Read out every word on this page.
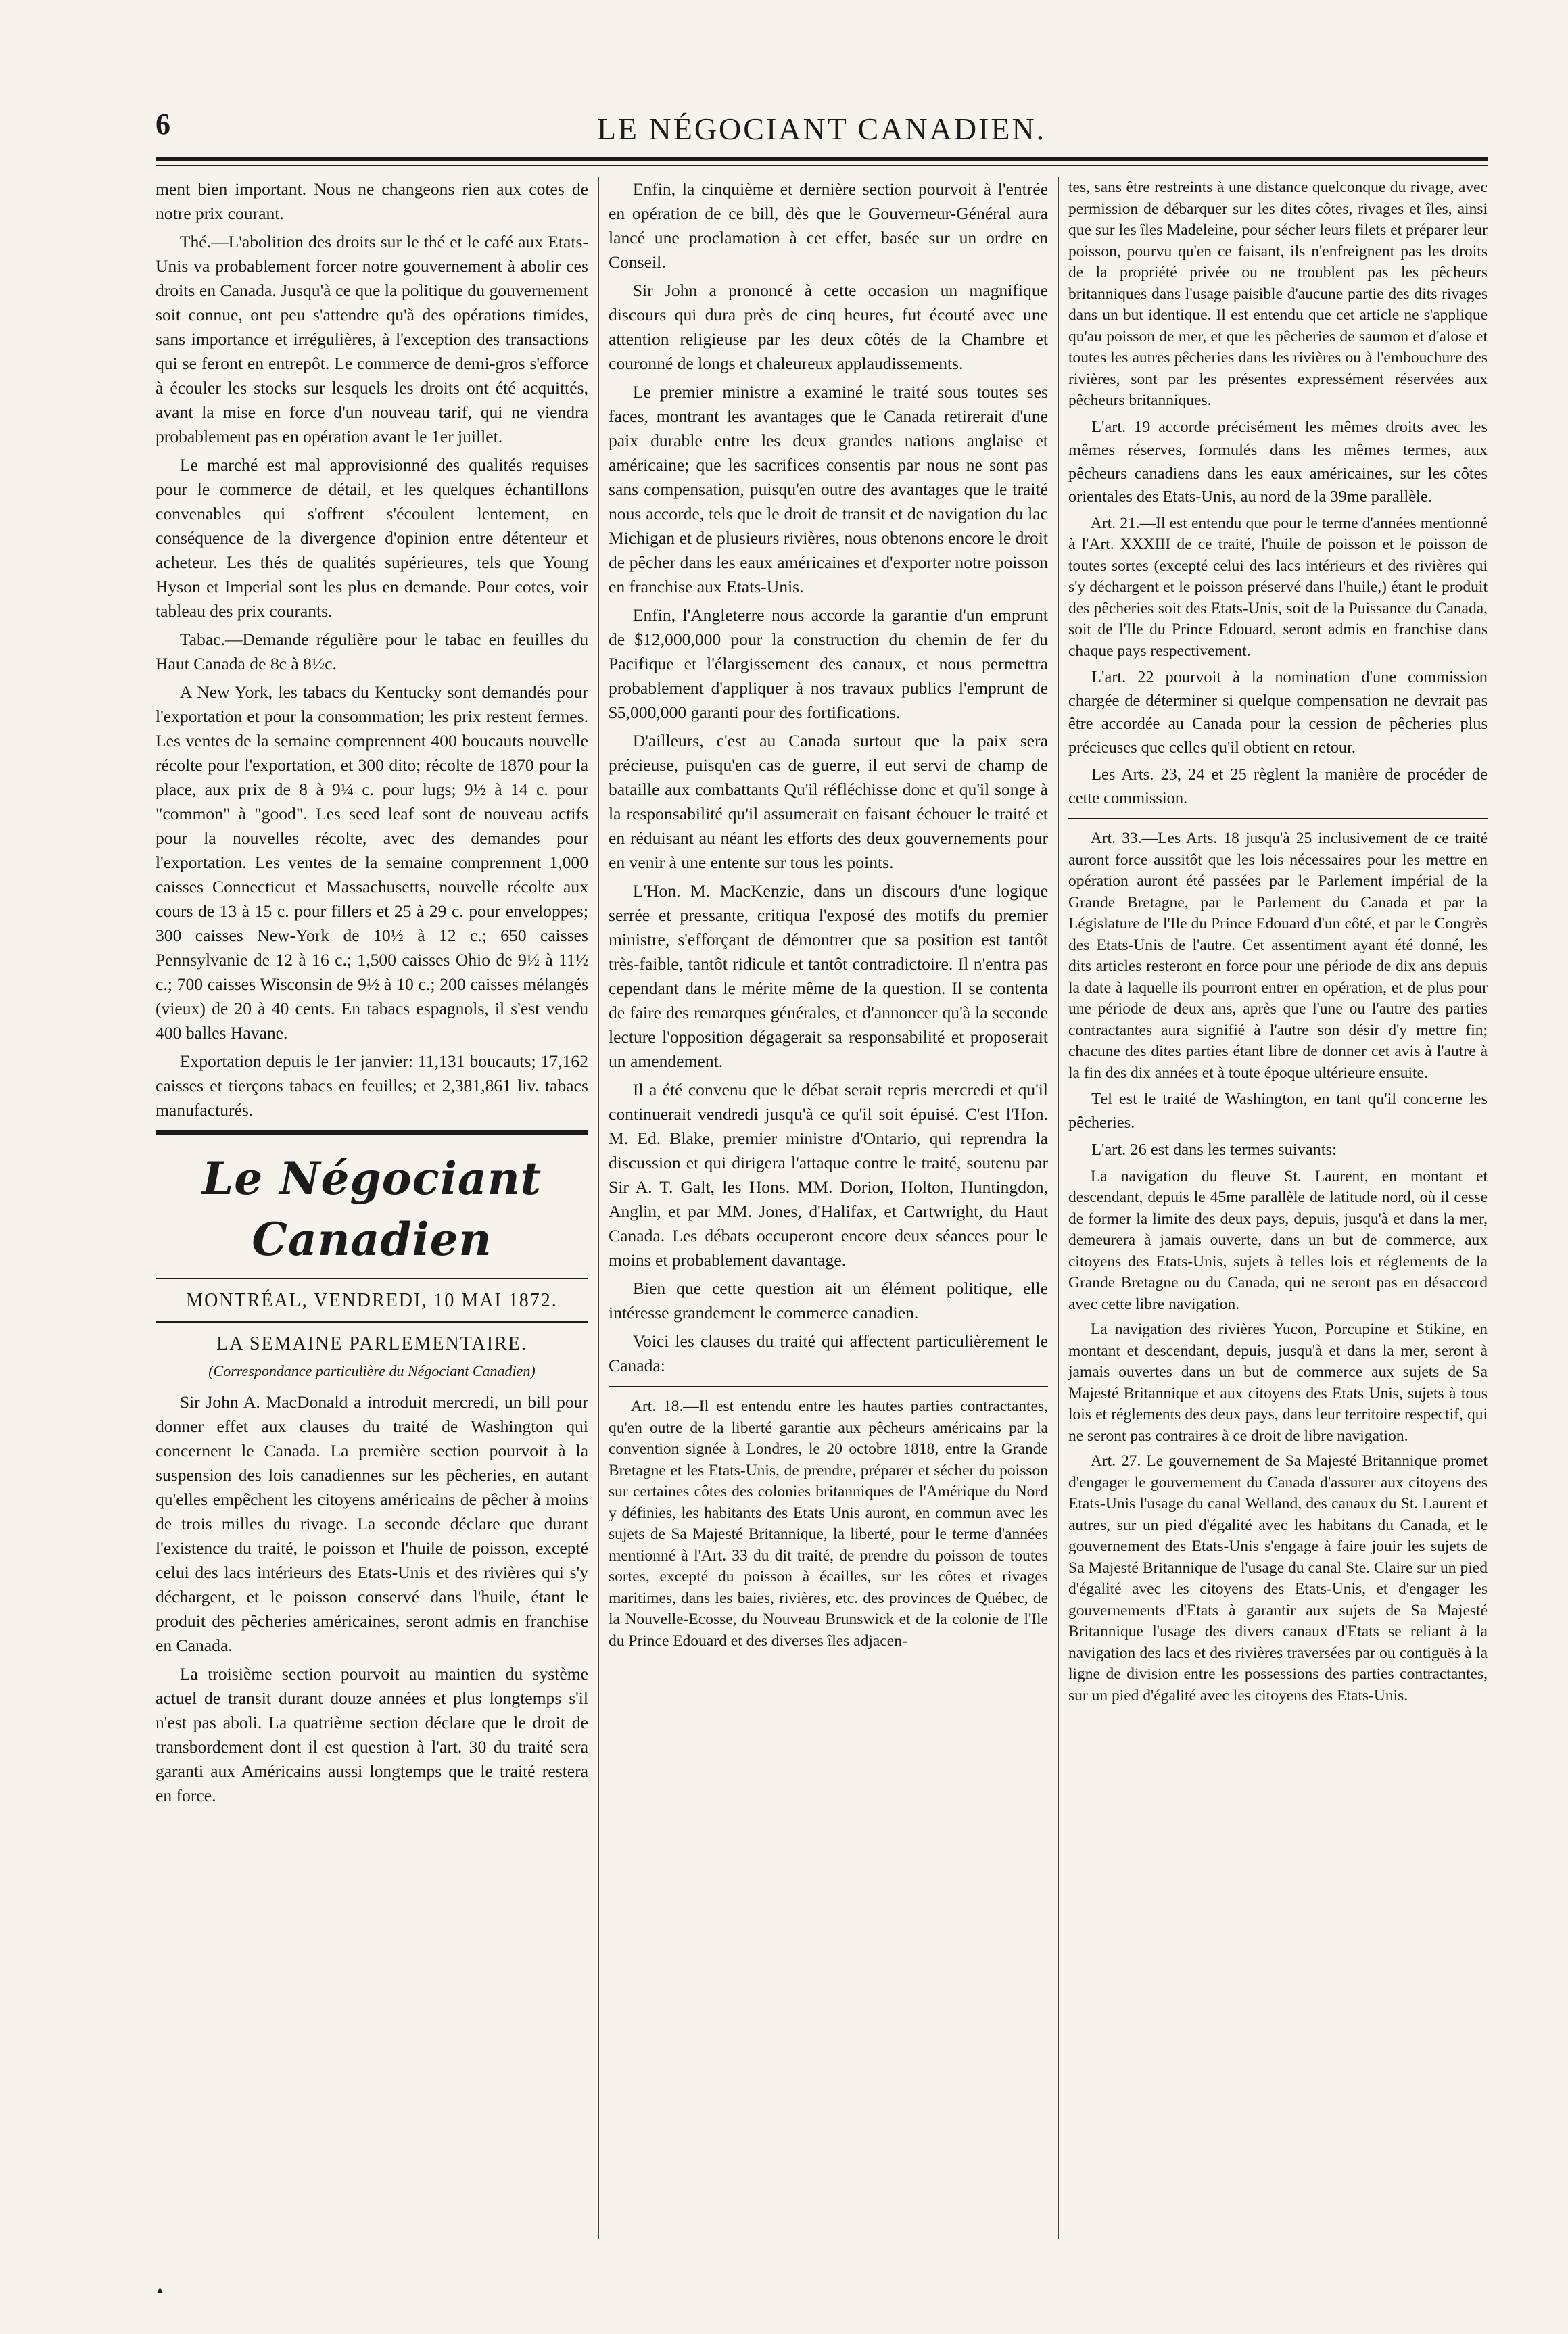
6	LE NÉGOCIANT CANADIEN.

ment bien important. Nous ne changeons rien aux cotes de notre prix courant.

Thé.—L'abolition des droits sur le thé et le café aux Etats-Unis va probablement forcer notre gouvernement à abolir ces droits en Canada. Jusqu'à ce que la politique du gouvernement soit connue, ont peu s'attendre qu'à des opérations timides, sans importance et irrégulières, à l'exception des transactions qui se feront en entrepôt. Le commerce de demi-gros s'efforce à écouler les stocks sur lesquels les droits ont été acquittés, avant la mise en force d'un nouveau tarif, qui ne viendra probablement pas en opération avant le 1er juillet.

Le marché est mal approvisionné des qualités requises pour le commerce de détail, et les quelques échantillons convenables qui s'offrent s'écoulent lentement, en conséquence de la divergence d'opinion entre détenteur et acheteur. Les thés de qualités supérieures, tels que Young Hyson et Imperial sont les plus en demande. Pour cotes, voir tableau des prix courants.

Tabac.—Demande régulière pour le tabac en feuilles du Haut Canada de 8c à 8½c.

A New York, les tabacs du Kentucky sont demandés pour l'exportation et pour la consommation; les prix restent fermes. Les ventes de la semaine comprennent 400 boucauts nouvelle récolte pour l'exportation, et 300 dito; récolte de 1870 pour la place, aux prix de 8 à 9¼ c. pour lugs; 9½ à 14 c. pour "common" à "good". Les seed leaf sont de nouveau actifs pour la nouvelles récolte, avec des demandes pour l'exportation. Les ventes de la semaine comprennent 1,000 caisses Connecticut et Massachusetts, nouvelle récolte aux cours de 13 à 15 c. pour fillers et 25 à 29 c. pour enveloppes; 300 caisses New-York de 10½ à 12 c.; 650 caisses Pennsylvanie de 12 à 16 c.; 1,500 caisses Ohio de 9½ à 11½ c.; 700 caisses Wisconsin de 9½ à 10 c.; 200 caisses mélangés (vieux) de 20 à 40 cents. En tabacs espagnols, il s'est vendu 400 balles Havane.

Exportation depuis le 1er janvier: 11,131 boucauts; 17,162 caisses et tierçons tabacs en feuilles; et 2,381,861 liv. tabacs manufacturés.

Le Négociant Canadien
MONTRÉAL, VENDREDI, 10 MAI 1872.
LA SEMAINE PARLEMENTAIRE.
(Correspondance particulière du Négociant Canadien)

Sir John A. MacDonald a introduit mercredi, un bill pour donner effet aux clauses du traité de Washington qui concernent le Canada. La première section pourvoit à la suspension des lois canadiennes sur les pêcheries, en autant qu'elles empêchent les citoyens américains de pêcher à moins de trois milles du rivage. La seconde déclare que durant l'existence du traité, le poisson et l'huile de poisson, excepté celui des lacs intérieurs des Etats-Unis et des rivières qui s'y déchargent, et le poisson conservé dans l'huile, étant le produit des pêcheries américaines, seront admis en franchise en Canada.

La troisième section pourvoit au maintien du système actuel de transit durant douze années et plus longtemps s'il n'est pas aboli. La quatrième section déclare que le droit de transbordement dont il est question à l'art. 30 du traité sera garanti aux Américains aussi longtemps que le traité restera en force.

Enfin, la cinquième et dernière section pourvoit à l'entrée en opération de ce bill, dès que le Gouverneur-Général aura lancé une proclamation à cet effet, basée sur un ordre en Conseil.

Sir John a prononcé à cette occasion un magnifique discours qui dura près de cinq heures, fut écouté avec une attention religieuse par les deux côtés de la Chambre et couronné de longs et chaleureux applaudissements.

Le premier ministre a examiné le traité sous toutes ses faces, montrant les avantages que le Canada retirerait d'une paix durable entre les deux grandes nations anglaise et américaine; que les sacrifices consentis par nous ne sont pas sans compensation, puisqu'en outre des avantages que le traité nous accorde, tels que le droit de transit et de navigation du lac Michigan et de plusieurs rivières, nous obtenons encore le droit de pêcher dans les eaux américaines et d'exporter notre poisson en franchise aux Etats-Unis.

Enfin, l'Angleterre nous accorde la garantie d'un emprunt de $12,000,000 pour la construction du chemin de fer du Pacifique et l'élargissement des canaux, et nous permettra probablement d'appliquer à nos travaux publics l'emprunt de $5,000,000 garanti pour des fortifications.

D'ailleurs, c'est au Canada surtout que la paix sera précieuse, puisqu'en cas de guerre, il eut servi de champ de bataille aux combattants Qu'il réfléchisse donc et qu'il songe à la responsabilité qu'il assumerait en faisant échouer le traité et en réduisant au néant les efforts des deux gouvernements pour en venir à une entente sur tous les points.

L'Hon. M. MacKenzie, dans un discours d'une logique serrée et pressante, critiqua l'exposé des motifs du premier ministre, s'efforçant de démontrer que sa position est tantôt très-faible, tantôt ridicule et tantôt contradictoire. Il n'entra pas cependant dans le mérite même de la question. Il se contenta de faire des remarques générales, et d'annoncer qu'à la seconde lecture l'opposition dégagerait sa responsabilité et proposerait un amendement.

Il a été convenu que le débat serait repris mercredi et qu'il continuerait vendredi jusqu'à ce qu'il soit épuisé. C'est l'Hon. M. Ed. Blake, premier ministre d'Ontario, qui reprendra la discussion et qui dirigera l'attaque contre le traité, soutenu par Sir A. T. Galt, les Hons. MM. Dorion, Holton, Huntingdon, Anglin, et par MM. Jones, d'Halifax, et Cartwright, du Haut Canada. Les débats occuperont encore deux séances pour le moins et probablement davantage.

Bien que cette question ait un élément politique, elle intéresse grandement le commerce canadien.

Voici les clauses du traité qui affectent particulièrement le Canada:

Art. 18.—Il est entendu entre les hautes parties contractantes, qu'en outre de la liberté garantie aux pêcheurs américains par la convention signée à Londres, le 20 octobre 1818, entre la Grande Bretagne et les Etats-Unis, de prendre, préparer et sécher du poisson sur certaines côtes des colonies britanniques de l'Amérique du Nord y définies, les habitants des Etats Unis auront, en commun avec les sujets de Sa Majesté Britannique, la liberté, pour le terme d'années mentionné à l'Art. 33 du dit traité, de prendre du poisson de toutes sortes, excepté du poisson à écailles, sur les côtes et rivages maritimes, dans les baies, rivières, etc. des provinces de Québec, de la Nouvelle-Ecosse, du Nouveau Brunswick et de la colonie de l'Ile du Prince Edouard et des diverses îles adjacen-

tes, sans être restreints à une distance quelconque du rivage, avec permission de débarquer sur les dites côtes, rivages et îles, ainsi que sur les îles Madeleine, pour sécher leurs filets et préparer leur poisson, pourvu qu'en ce faisant, ils n'enfreignent pas les droits de la propriété privée ou ne troublent pas les pêcheurs britanniques dans l'usage paisible d'aucune partie des dits rivages dans un but identique. Il est entendu que cet article ne s'applique qu'au poisson de mer, et que les pêcheries de saumon et d'alose et toutes les autres pêcheries dans les rivières ou à l'embouchure des rivières, sont par les présentes expressément réservées aux pêcheurs britanniques.

L'art. 19 accorde précisément les mêmes droits avec les mêmes réserves, formulés dans les mêmes termes, aux pêcheurs canadiens dans les eaux américaines, sur les côtes orientales des Etats-Unis, au nord de la 39me parallèle.

Art. 21.—Il est entendu que pour le terme d'années mentionné à l'Art. XXXIII de ce traité, l'huile de poisson et le poisson de toutes sortes (excepté celui des lacs intérieurs et des rivières qui s'y déchargent et le poisson préservé dans l'huile,) étant le produit des pêcheries soit des Etats-Unis, soit de la Puissance du Canada, soit de l'Ile du Prince Edouard, seront admis en franchise dans chaque pays respectivement.

L'art. 22 pourvoit à la nomination d'une commission chargée de déterminer si quelque compensation ne devrait pas être accordée au Canada pour la cession de pêcheries plus précieuses que celles qu'il obtient en retour.

Les Arts. 23, 24 et 25 règlent la manière de procéder de cette commission.

Art. 33.—Les Arts. 18 jusqu'à 25 inclusivement de ce traité auront force aussitôt que les lois nécessaires pour les mettre en opération auront été passées par le Parlement impérial de la Grande Bretagne, par le Parlement du Canada et par la Législature de l'Ile du Prince Edouard d'un côté, et par le Congrès des Etats-Unis de l'autre. Cet assentiment ayant été donné, les dits articles resteront en force pour une période de dix ans depuis la date à laquelle ils pourront entrer en opération, et de plus pour une période de deux ans, après que l'une ou l'autre des parties contractantes aura signifié à l'autre son désir d'y mettre fin; chacune des dites parties étant libre de donner cet avis à l'autre à la fin des dix années et à toute époque ultérieure ensuite.

Tel est le traité de Washington, en tant qu'il concerne les pêcheries.

L'art. 26 est dans les termes suivants:

La navigation du fleuve St. Laurent, en montant et descendant, depuis le 45me parallèle de latitude nord, où il cesse de former la limite des deux pays, depuis, jusqu'à et dans la mer, demeurera à jamais ouverte, dans un but de commerce, aux citoyens des Etats-Unis, sujets à telles lois et réglements de la Grande Bretagne ou du Canada, qui ne seront pas en désaccord avec cette libre navigation.

La navigation des rivières Yucon, Porcupine et Stikine, en montant et descendant, depuis, jusqu'à et dans la mer, seront à jamais ouvertes dans un but de commerce aux sujets de Sa Majesté Britannique et aux citoyens des Etats Unis, sujets à tous lois et réglements des deux pays, dans leur territoire respectif, qui ne seront pas contraires à ce droit de libre navigation.

Art. 27. Le gouvernement de Sa Majesté Britannique promet d'engager le gouvernement du Canada d'assurer aux citoyens des Etats-Unis l'usage du canal Welland, des canaux du St. Laurent et autres, sur un pied d'égalité avec les habitans du Canada, et le gouvernement des Etats-Unis s'engage à faire jouir les sujets de Sa Majesté Britannique de l'usage du canal Ste. Claire sur un pied d'égalité avec les citoyens des Etats-Unis, et d'engager les gouvernements d'Etats à garantir aux sujets de Sa Majesté Britannique l'usage des divers canaux d'Etats se reliant à la navigation des lacs et des rivières traversées par ou contiguës à la ligne de division entre les possessions des parties contractantes, sur un pied d'égalité avec les citoyens des Etats-Unis.

▴
